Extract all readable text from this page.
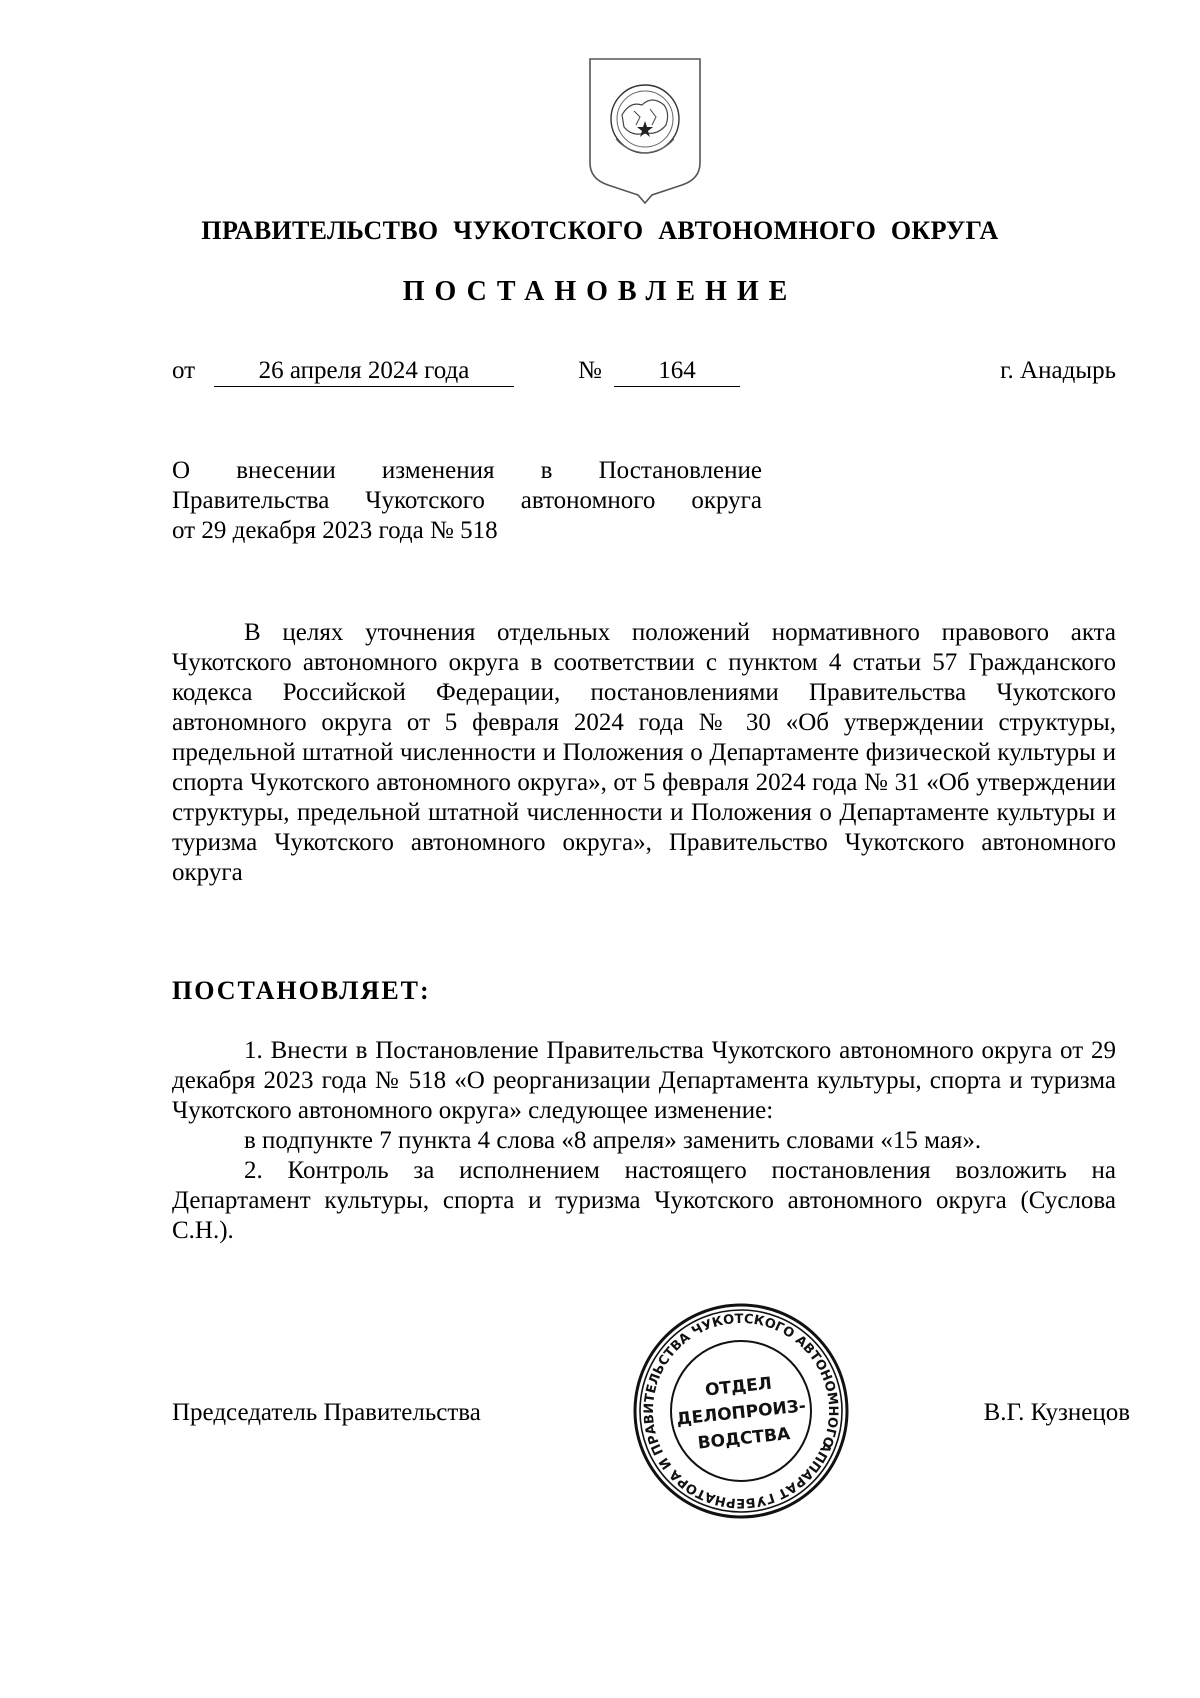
ПРАВИТЕЛЬСТВО ЧУКОТСКОГО АВТОНОМНОГО ОКРУГА
ПОСТАНОВЛЕНИЕ
от	26 апреля 2024 года	№	164	г. Анадырь
О внесении изменения в Постановление
Правительства Чукотского автономного округа
от 29 декабря 2023 года № 518

В целях уточнения отдельных положений нормативного правового акта Чукотского автономного округа в соответствии с пунктом 4 статьи 57 Гражданского кодекса Российской Федерации, постановлениями Правительства Чукотского автономного округа от 5 февраля 2024 года № 30 «Об утверждении структуры, предельной штатной численности и Положения о Департаменте физической культуры и спорта Чукотского автономного округа», от 5 февраля 2024 года № 31 «Об утверждении структуры, предельной штатной численности и Положения о Департаменте культуры и туризма Чукотского автономного округа», Правительство Чукотского автономного округа

ПОСТАНОВЛЯЕТ:

1. Внести в Постановление Правительства Чукотского автономного округа от 29 декабря 2023 года № 518 «О реорганизации Департамента культуры, спорта и туризма Чукотского автономного округа» следующее изменение:

в подпункте 7 пункта 4 слова «8 апреля» заменить словами «15 мая».

2. Контроль за исполнением настоящего постановления возложить на Департамент культуры, спорта и туризма Чукотского автономного округа (Суслова С.Н.).

Председатель Правительства
АППАРАТ ГУБЕРНАТОРА И ПРАВИТЕЛЬСТВА ЧУКОТСКОГО АВТОНОМНОГО
ОТДЕЛ
ДЕЛОПРОИЗ-
ВОДСТВА
В.Г. Кузнецов
